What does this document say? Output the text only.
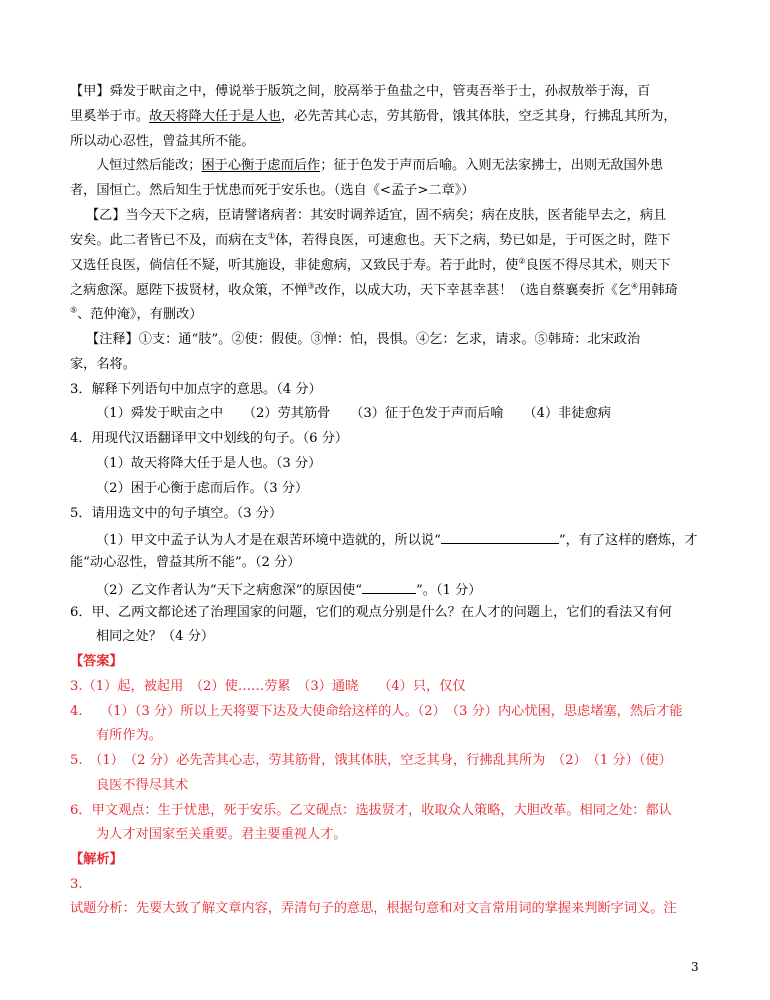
【甲】舜发于畎亩之中，傅说举于版筑之间，胶鬲举于鱼盐之中，管夷吾举于士，孙叔敖举于海，百
里奚举于市。故天将降大任于是人也，必先苦其心志，劳其筋骨，饿其体肤，空乏其身，行拂乱其所为，
所以动心忍性，曾益其所不能。
人恒过然后能改；困于心衡于虑而后作；征于色发于声而后喻。入则无法家拂士，出则无敌国外患
者，国恒亡。然后知生于忧患而死于安乐也。（选自《<孟子>二章》）
【乙】当今天下之病，臣请譬诸病者：其安时调养适宜，固不病矣；病在皮肤，医者能早去之，病且
安矣。此二者皆已不及，而病在支①体，若得良医，可速愈也。天下之病，势已如是，于可医之时，陛下
又选任良医，倘信任不疑，听其施设，非徒愈病，又致民于寿。若于此时，使②良医不得尽其术，则天下
之病愈深。愿陛下拔贤材，收众策，不惮③改作，以成大功，天下幸甚幸甚！（选自蔡襄奏折《乞④用韩琦
⑤、范仲淹》，有删改）
【注释】①支：通“肢”。②使：假使。③惮：怕，畏惧。④乞：乞求，请求。⑤韩琦：北宋政治
家，名将。
3．解释下列语句中加点字的意思。（4 分）
（1）舜发于畎亩之中　　（2）劳其筋骨　　（3）征于色发于声而后喻　　（4）非徒愈病
4．用现代汉语翻译甲文中划线的句子。（6 分）
（1）故天将降大任于是人也。（3 分）
（2）困于心衡于虑而后作。（3 分）
5．请用选文中的句子填空。（3 分）
（1）甲文中孟子认为人才是在艰苦环境中造就的，所以说“	”，有了这样的磨炼，才
能“动心忍性，曾益其所不能”。（2 分）
（2）乙文作者认为“天下之病愈深”的原因使“	”。（1 分）
6．甲、乙两文都论述了治理国家的问题，它们的观点分别是什么？在人才的问题上，它们的看法又有何
相同之处？（4 分）
【答案】
3.（1）起，被起用　（2）使……劳累　（3）通晓　　（4）只，仅仅
4.　 （1）（3 分）所以上天将要下达及大使命给这样的人。（2）　（3 分）内心忧困，思虑堵塞，然后才能
有所作为。
5.　（1）　（2 分）必先苦其心志，劳其筋骨，饿其体肤，空乏其身，行拂乱其所为　（2）　（1 分）（使）
良医不得尽其术
6．甲文观点：生于忧患，死于安乐。乙文砚点：选拔贤才，收取众人策略，大胆改革。相同之处：都认
为人才对国家至关重要。君主要重视人才。
【解析】
3.
试题分析：先要大致了解文章内容，弄清句子的意思，根据句意和对文言常用词的掌握来判断字词义。注
3
